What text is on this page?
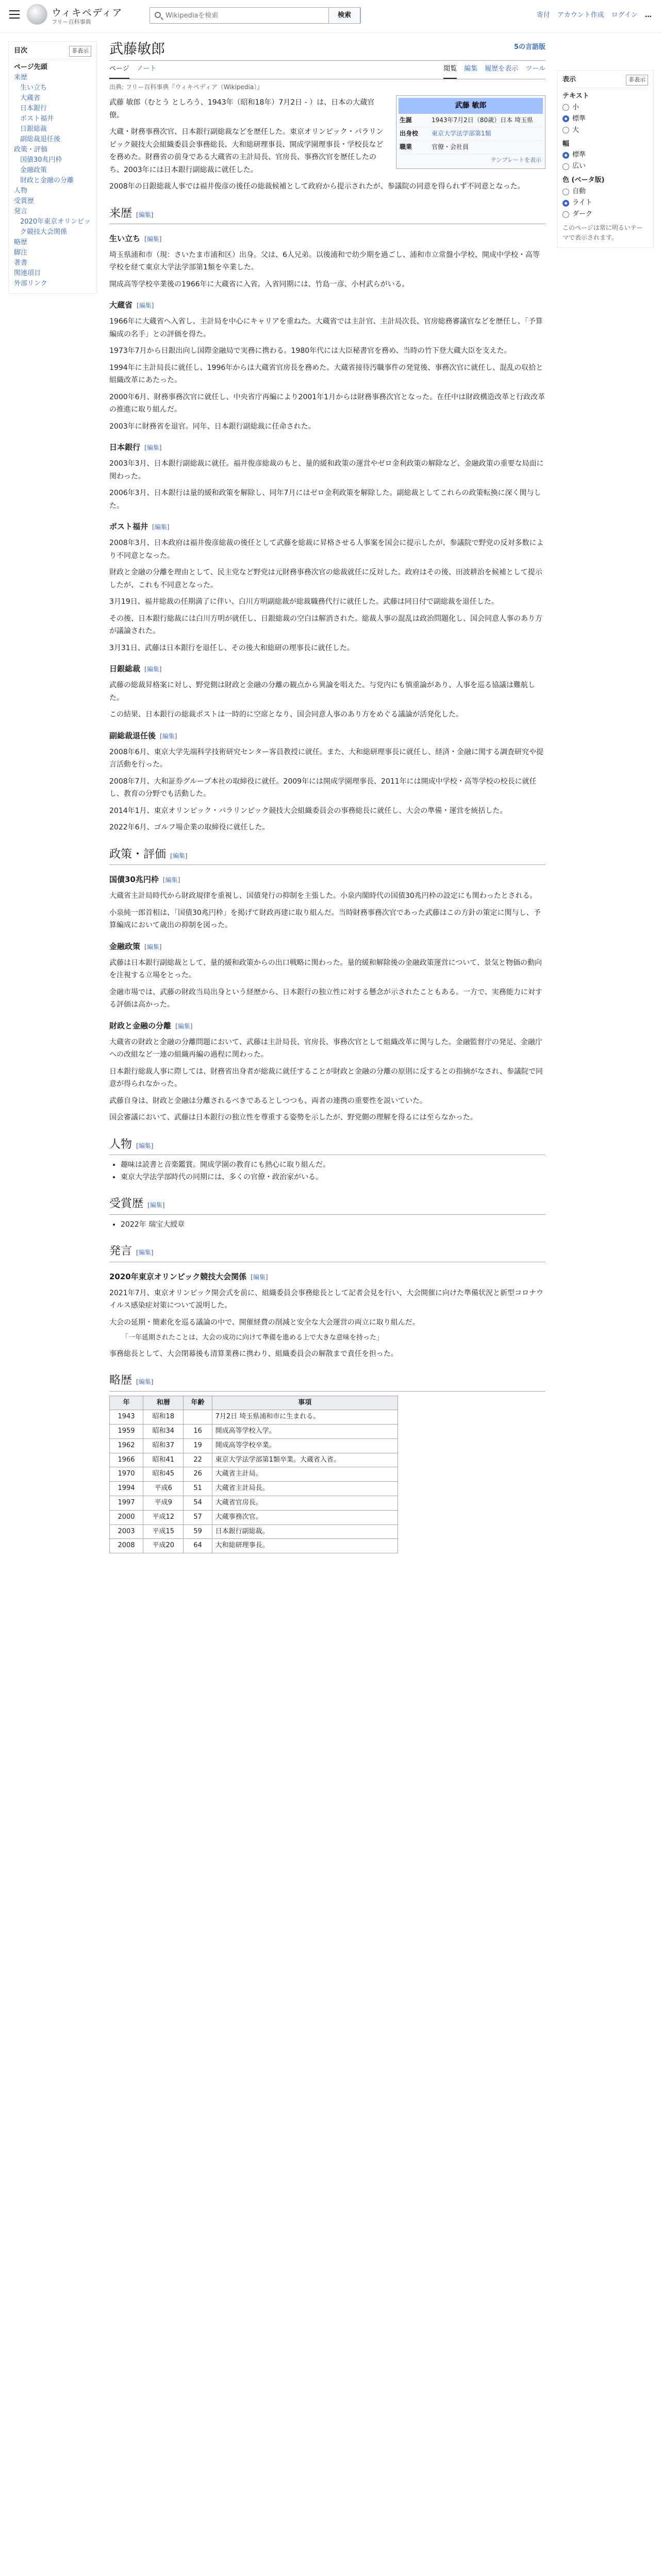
ウィキペディア
フリー百科事典
Wikipediaを検索
検索	寄付 アカウント作成 ログイン …
目次	非表示
ページ先頭
来歴
生い立ち
大蔵省
日本銀行
ポスト福井
日銀総裁
副総裁退任後
政策・評価
国債30兆円枠
金融政策
財政と金融の分離
人物
受賞歴
発言
2020年東京オリンピック競技大会関係
略歴
脚注
著書
関連項目
外部リンク
武藤敏郎	5の言語版
ページ ノート	閲覧 編集 履歴を表示 ツール
出典: フリー百科事典『ウィキペディア（Wikipedia）』
武藤 敏郎
生誕	1943年7月2日（80歳）日本 埼玉県
出身校	東京大学法学部第1類
職業	官僚・会社員
テンプレートを表示

武藤 敏郎（むとう としろう、1943年（昭和18年）7月2日 - ）は、日本の大蔵官僚。

大蔵・財務事務次官、日本銀行副総裁などを歴任した。東京オリンピック・パラリンピック競技大会組織委員会事務総長、大和総研理事長、開成学園理事長・学校長などを務めた。財務省の前身である大蔵省の主計局長、官房長、事務次官を歴任したのち、2003年には日本銀行副総裁に就任した。

2008年の日銀総裁人事では福井俊彦の後任の総裁候補として政府から提示されたが、参議院の同意を得られず不同意となった。

来歴 [編集]
生い立ち [編集]

埼玉県浦和市（現：さいたま市浦和区）出身。父は、6人兄弟。以後浦和で幼少期を過ごし、浦和市立常盤小学校、開成中学校・高等学校を経て東京大学法学部第1類を卒業した。

開成高等学校卒業後の1966年に大蔵省に入省。入省同期には、竹島一彦、小村武らがいる。

大蔵省 [編集]

1966年に大蔵省へ入省し、主計局を中心にキャリアを重ねた。大蔵省では主計官、主計局次長、官房総務審議官などを歴任し、「予算編成の名手」との評価を得た。

1973年7月から日銀出向し国際金融局で実務に携わる。1980年代には大臣秘書官を務め、当時の竹下登大蔵大臣を支えた。

1994年に主計局長に就任し、1996年からは大蔵省官房長を務めた。大蔵省接待汚職事件の発覚後、事務次官に就任し、混乱の収拾と組織改革にあたった。

2000年6月、財務事務次官に就任し、中央省庁再編により2001年1月からは財務事務次官となった。在任中は財政構造改革と行政改革の推進に取り組んだ。

2003年に財務省を退官。同年、日本銀行副総裁に任命された。

日本銀行 [編集]

2003年3月、日本銀行副総裁に就任。福井俊彦総裁のもと、量的緩和政策の運営やゼロ金利政策の解除など、金融政策の重要な局面に関わった。

2006年3月、日本銀行は量的緩和政策を解除し、同年7月にはゼロ金利政策を解除した。副総裁としてこれらの政策転換に深く関与した。

ポスト福井 [編集]

2008年3月、日本政府は福井俊彦総裁の後任として武藤を総裁に昇格させる人事案を国会に提示したが、参議院で野党の反対多数により不同意となった。

財政と金融の分離を理由として、民主党など野党は元財務事務次官の総裁就任に反対した。政府はその後、田波耕治を候補として提示したが、これも不同意となった。

3月19日、福井総裁の任期満了に伴い、白川方明副総裁が総裁職務代行に就任した。武藤は同日付で副総裁を退任した。

その後、日本銀行総裁には白川方明が就任し、日銀総裁の空白は解消された。総裁人事の混乱は政治問題化し、国会同意人事のあり方が議論された。

3月31日、武藤は日本銀行を退任し、その後大和総研の理事長に就任した。

日銀総裁 [編集]

武藤の総裁昇格案に対し、野党側は財政と金融の分離の観点から異論を唱えた。与党内にも慎重論があり、人事を巡る協議は難航した。

この結果、日本銀行の総裁ポストは一時的に空席となり、国会同意人事のあり方をめぐる議論が活発化した。

副総裁退任後 [編集]

2008年6月、東京大学先端科学技術研究センター客員教授に就任。また、大和総研理事長に就任し、経済・金融に関する調査研究や提言活動を行った。

2008年7月、大和証券グループ本社の取締役に就任。2009年には開成学園理事長、2011年には開成中学校・高等学校の校長に就任し、教育の分野でも活動した。

2014年1月、東京オリンピック・パラリンピック競技大会組織委員会の事務総長に就任し、大会の準備・運営を統括した。

2022年6月、ゴルフ場企業の取締役に就任した。

政策・評価 [編集]
国債30兆円枠 [編集]

大蔵省主計局時代から財政規律を重視し、国債発行の抑制を主張した。小泉内閣時代の国債30兆円枠の設定にも関わったとされる。

小泉純一郎首相は、「国債30兆円枠」を掲げて財政再建に取り組んだ。当時財務事務次官であった武藤はこの方針の策定に関与し、予算編成において歳出の抑制を図った。

金融政策 [編集]

武藤は日本銀行副総裁として、量的緩和政策からの出口戦略に関わった。量的緩和解除後の金融政策運営について、景気と物価の動向を注視する立場をとった。

金融市場では、武藤の財政当局出身という経歴から、日本銀行の独立性に対する懸念が示されたこともある。一方で、実務能力に対する評価は高かった。

財政と金融の分離 [編集]

大蔵省の財政と金融の分離問題において、武藤は主計局長、官房長、事務次官として組織改革に関与した。金融監督庁の発足、金融庁への改組など一連の組織再編の過程に関わった。

日本銀行総裁人事に際しては、財務省出身者が総裁に就任することが財政と金融の分離の原則に反するとの指摘がなされ、参議院で同意が得られなかった。

武藤自身は、財政と金融は分離されるべきであるとしつつも、両者の連携の重要性を説いていた。

国会審議において、武藤は日本銀行の独立性を尊重する姿勢を示したが、野党側の理解を得るには至らなかった。

人物 [編集]
• 趣味は読書と音楽鑑賞。開成学園の教育にも熱心に取り組んだ。
• 東京大学法学部時代の同期には、多くの官僚・政治家がいる。
受賞歴 [編集]
• 2022年 瑞宝大綬章
発言 [編集]
2020年東京オリンピック競技大会関係 [編集]

2021年7月、東京オリンピック開会式を前に、組織委員会事務総長として記者会見を行い、大会開催に向けた準備状況と新型コロナウイルス感染症対策について説明した。

大会の延期・簡素化を巡る議論の中で、開催経費の削減と安全な大会運営の両立に取り組んだ。

「一年延期されたことは、大会の成功に向けて準備を進める上で大きな意味を持った」

事務総長として、大会閉幕後も清算業務に携わり、組織委員会の解散まで責任を担った。

略歴 [編集]
年	和暦	年齢	事項
1943	昭和18		7月2日 埼玉県浦和市に生まれる。
1959	昭和34	16	開成高等学校入学。
1962	昭和37	19	開成高等学校卒業。
1966	昭和41	22	東京大学法学部第1類卒業。大蔵省入省。
1970	昭和45	26	大蔵省主計局。
1994	平成6	51	大蔵省主計局長。
1997	平成9	54	大蔵省官房長。
2000	平成12	57	大蔵事務次官。
2003	平成15	59	日本銀行副総裁。
2008	平成20	64	大和総研理事長。
表示	非表示
テキスト
小
標準
大
幅
標準
広い
色 (ベータ版)
自動
ライト
ダーク
このページは常に明るいテーマで表示されます。
